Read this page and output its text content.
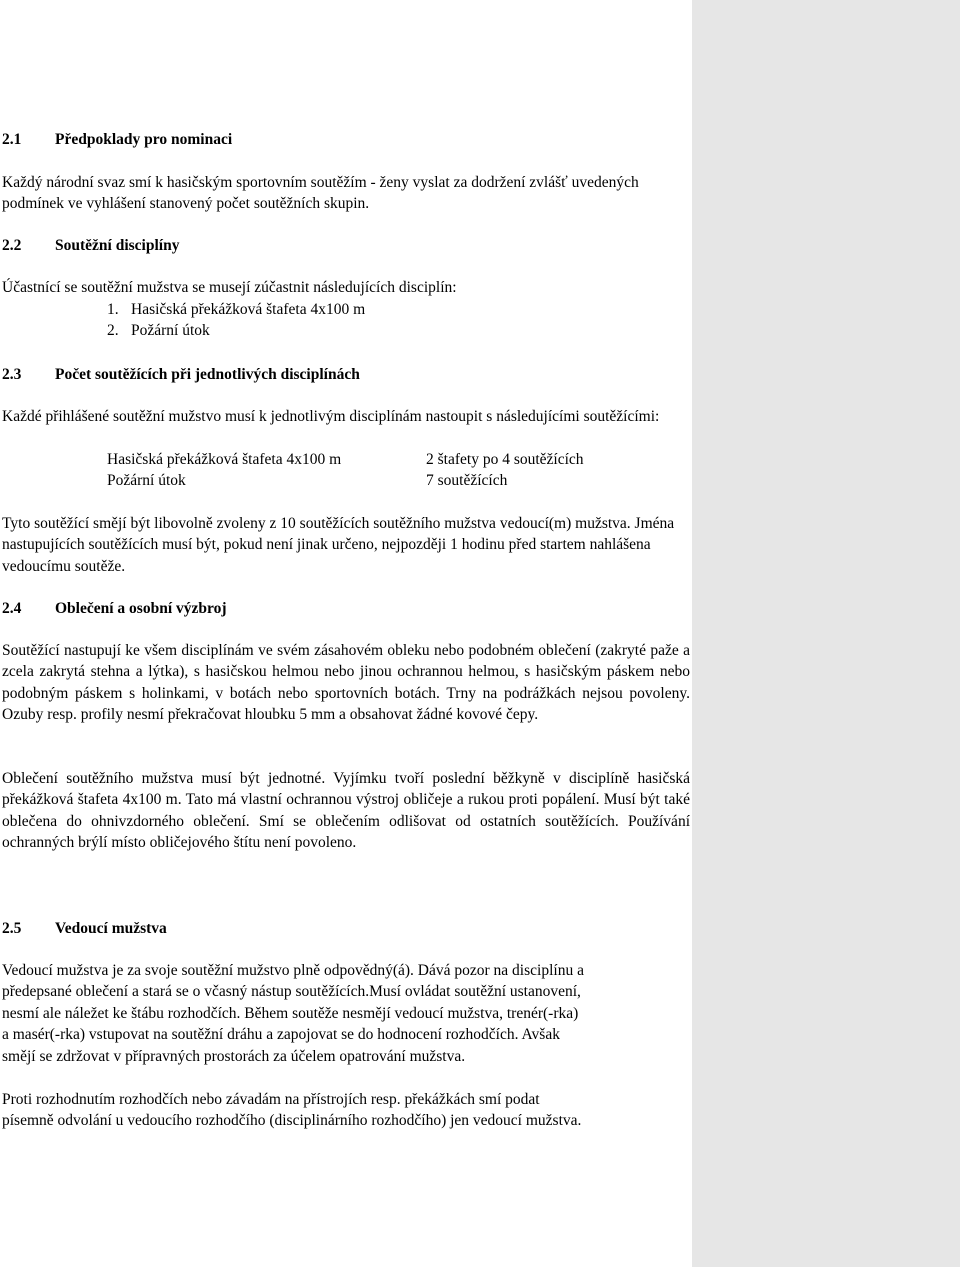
2.1 Předpoklady pro nominaci
Každý národní svaz smí k hasičským sportovním soutěžím - ženy vyslat za dodržení zvlášť uvedených podmínek ve vyhlášení stanovený počet soutěžních skupin.
2.2 Soutěžní disciplíny
Účastnící se soutěžní mužstva se musejí zúčastnit následujících disciplín:
1. Hasičská překážková štafeta 4x100 m
2. Požární útok
2.3 Počet soutěžících při jednotlivých disciplínách
Každé přihlášené soutěžní mužstvo musí k jednotlivým disciplínám nastoupit s následujícími soutěžícími:
Hasičská překážková štafeta 4x100 m	2 štafety po 4 soutěžících
Požární útok	7 soutěžících
Tyto soutěžící smějí být libovolně zvoleny z 10 soutěžících soutěžního mužstva vedoucí(m) mužstva. Jména nastupujících soutěžících musí být, pokud není jinak určeno, nejpozději 1 hodinu před startem nahlášena vedoucímu soutěže.
2.4 Oblečení a osobní výzbroj
Soutěžící nastupují ke všem disciplínám ve svém zásahovém obleku nebo podobném oblečení (zakryté paže a zcela zakrytá stehna a lýtka), s hasičskou helmou nebo jinou ochrannou helmou, s hasičským páskem nebo podobným páskem s holinkami, v botách nebo sportovních botách. Trny na podrážkách nejsou povoleny. Ozuby resp. profily nesmí překračovat hloubku 5 mm a obsahovat žádné kovové čepy.
Oblečení soutěžního mužstva musí být jednotné. Vyjímku tvoří poslední běžkyně v disciplíně hasičská překážková štafeta 4x100 m. Tato má vlastní ochrannou výstroj obličeje a rukou proti popálení. Musí být také oblečena do ohnivzdorného oblečení. Smí se oblečením odlišovat od ostatních soutěžících. Používání ochranných brýlí místo obličejového štítu není povoleno.
2.5 Vedoucí mužstva
Vedoucí mužstva je za svoje soutěžní mužstvo plně odpovědný(á). Dává pozor na disciplínu a
předepsané oblečení a stará se o včasný nástup soutěžících.Musí ovládat soutěžní ustanovení,
nesmí ale náležet ke štábu rozhodčích. Během soutěže nesmějí vedoucí mužstva, trenér(-rka)
a masér(-rka) vstupovat na soutěžní dráhu a zapojovat se do hodnocení rozhodčích. Avšak
smějí se zdržovat v přípravných prostorách za účelem opatrování mužstva.
Proti rozhodnutím rozhodčích nebo závadám na přístrojích resp. překážkách smí podat
písemně odvolání u vedoucího rozhodčího (disciplinárního rozhodčího) jen vedoucí mužstva.
